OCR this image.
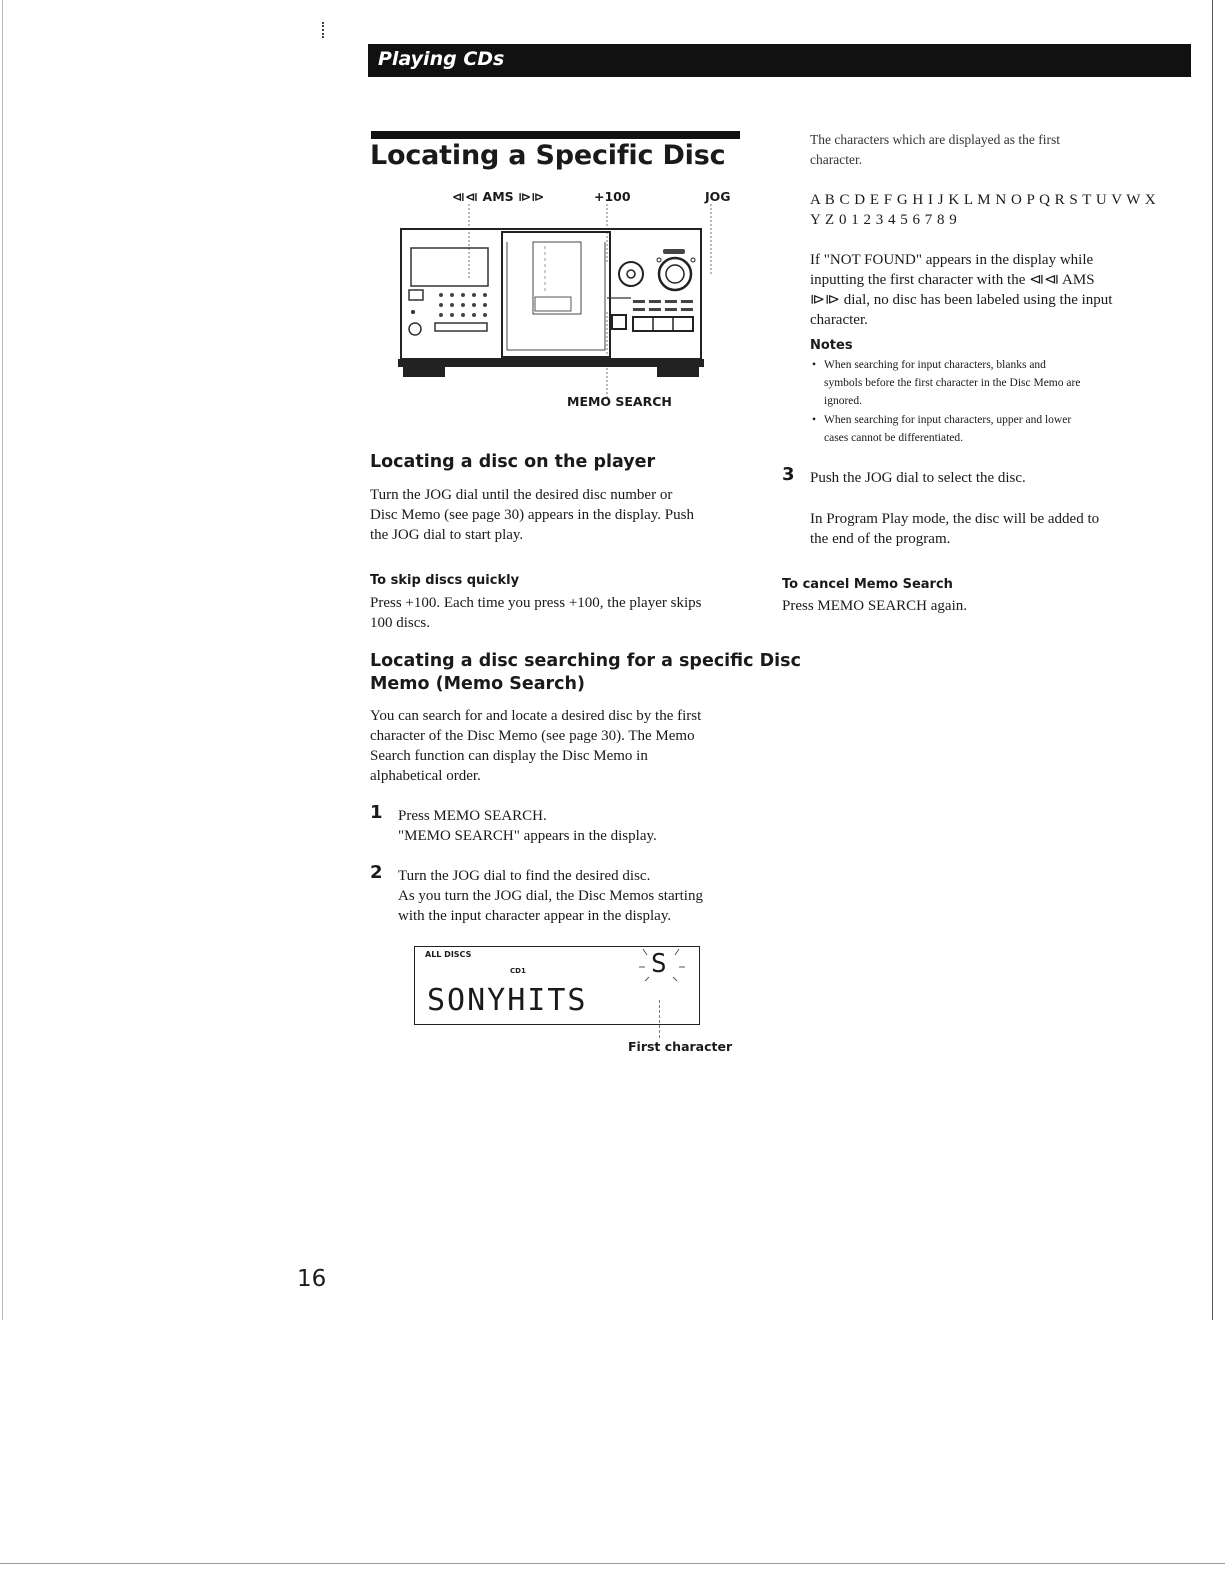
Playing CDs
Locating a Specific Disc
⧏⧏ AMS ⧐⧐	+100	JOG
MEMO SEARCH
Locating a disc on the player
Turn the JOG dial until the desired disc number or
Disc Memo (see page 30) appears in the display. Push
the JOG dial to start play.
To skip discs quickly
Press +100. Each time you press +100, the player skips
100 discs.
Locating a disc searching for a specific Disc
Memo (Memo Search)
You can search for and locate a desired disc by the first
character of the Disc Memo (see page 30). The Memo
Search function can display the Disc Memo in
alphabetical order.
1 Press MEMO SEARCH.
"MEMO SEARCH" appears in the display.
2 Turn the JOG dial to find the desired disc.
As you turn the JOG dial, the Disc Memos starting
with the input character appear in the display.
ALL DISCS
CD1
SONYHITS
S
First character
The characters which are displayed as the first
character.
A B C D E F G H I J K L M N O P Q R S T U V W X
Y Z 0 1 2 3 4 5 6 7 8 9
If "NOT FOUND" appears in the display while
inputting the first character with the ⧏⧏ AMS
⧐⧐ dial, no disc has been labeled using the input
character.
Notes
• When searching for input characters, blanks and
symbols before the first character in the Disc Memo are
ignored.
• When searching for input characters, upper and lower
cases cannot be differentiated.
3 Push the JOG dial to select the disc.
In Program Play mode, the disc will be added to
the end of the program.
To cancel Memo Search
Press MEMO SEARCH again.
16
